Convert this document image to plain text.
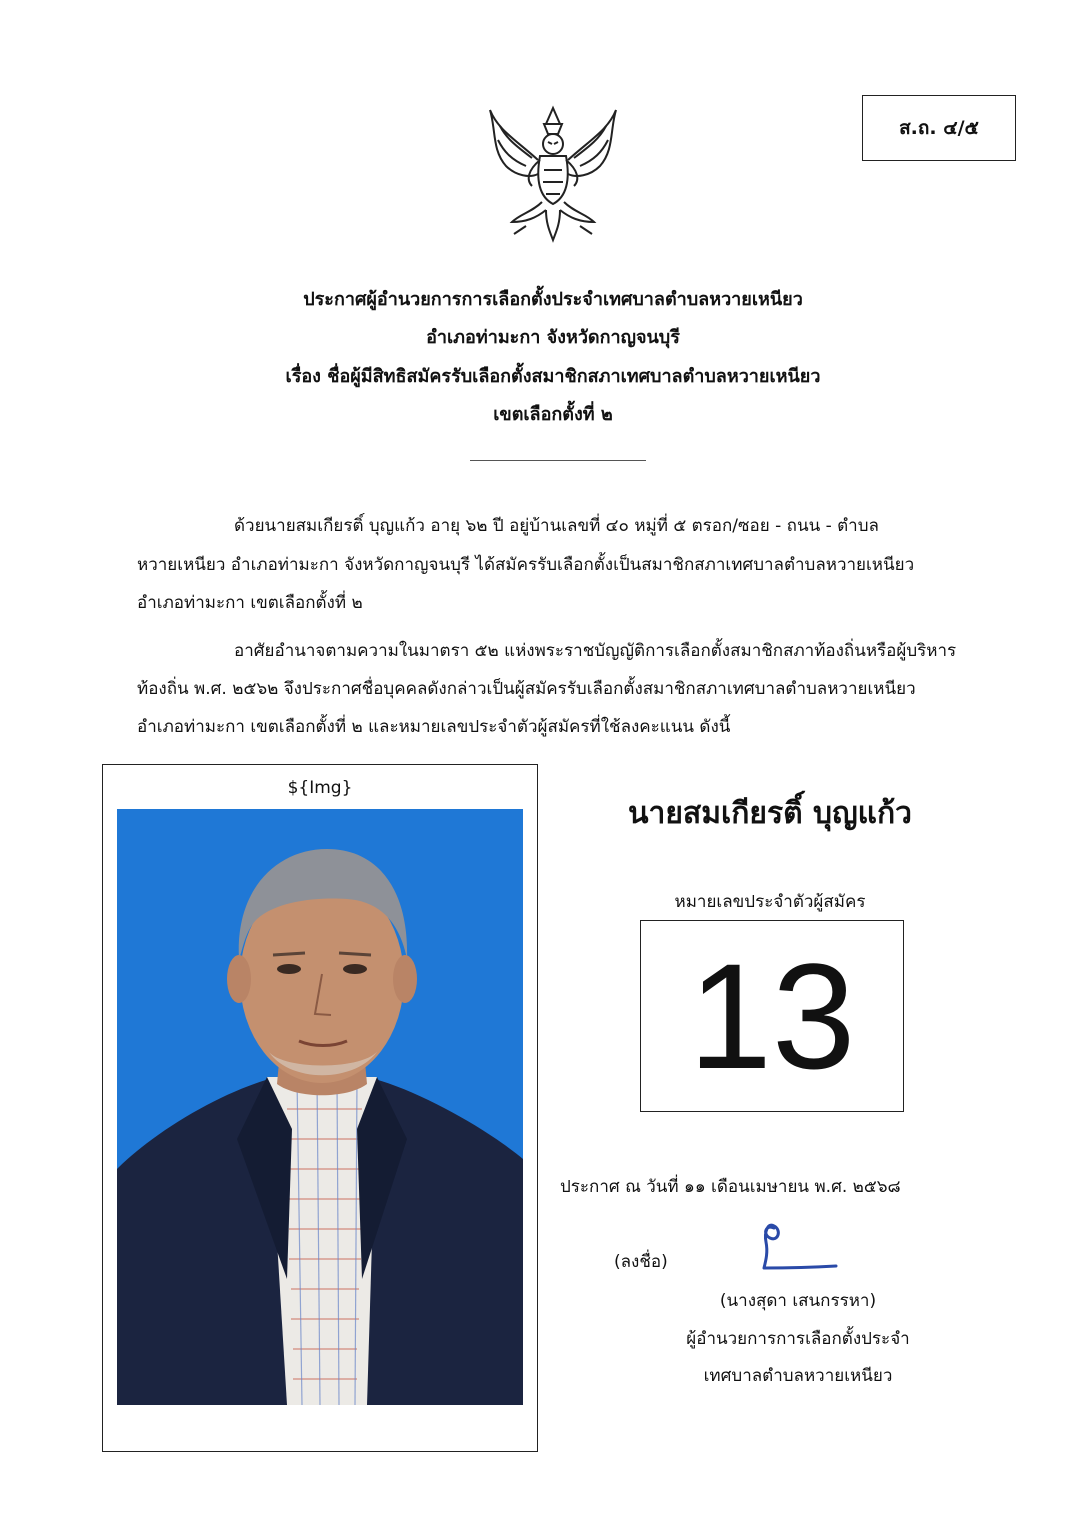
ส.ถ. ๔/๕
ประกาศผู้อำนวยการการเลือกตั้งประจำเทศบาลตำบลหวายเหนียว
อำเภอท่ามะกา จังหวัดกาญจนบุรี
เรื่อง ชื่อผู้มีสิทธิสมัครรับเลือกตั้งสมาชิกสภาเทศบาลตำบลหวายเหนียว
เขตเลือกตั้งที่ ๒
ด้วยนายสมเกียรติ์ บุญแก้ว อายุ ๖๒ ปี อยู่บ้านเลขที่ ๔๐ หมู่ที่ ๕ ตรอก/ซอย - ถนน - ตำบล
หวายเหนียว อำเภอท่ามะกา จังหวัดกาญจนบุรี ได้สมัครรับเลือกตั้งเป็นสมาชิกสภาเทศบาลตำบลหวายเหนียว
อำเภอท่ามะกา เขตเลือกตั้งที่ ๒
อาศัยอำนาจตามความในมาตรา ๕๒ แห่งพระราชบัญญัติการเลือกตั้งสมาชิกสภาท้องถิ่นหรือผู้บริหาร
ท้องถิ่น พ.ศ. ๒๕๖๒ จึงประกาศชื่อบุคคลดังกล่าวเป็นผู้สมัครรับเลือกตั้งสมาชิกสภาเทศบาลตำบลหวายเหนียว
อำเภอท่ามะกา เขตเลือกตั้งที่ ๒ และหมายเลขประจำตัวผู้สมัครที่ใช้ลงคะแนน ดังนี้
${Img}
นายสมเกียรติ์ บุญแก้ว
หมายเลขประจำตัวผู้สมัคร
13
ประกาศ ณ วันที่ ๑๑ เดือนเมษายน พ.ศ. ๒๕๖๘
(ลงชื่อ)
(นางสุดา เสนกรรหา)
ผู้อำนวยการการเลือกตั้งประจำ
เทศบาลตำบลหวายเหนียว
